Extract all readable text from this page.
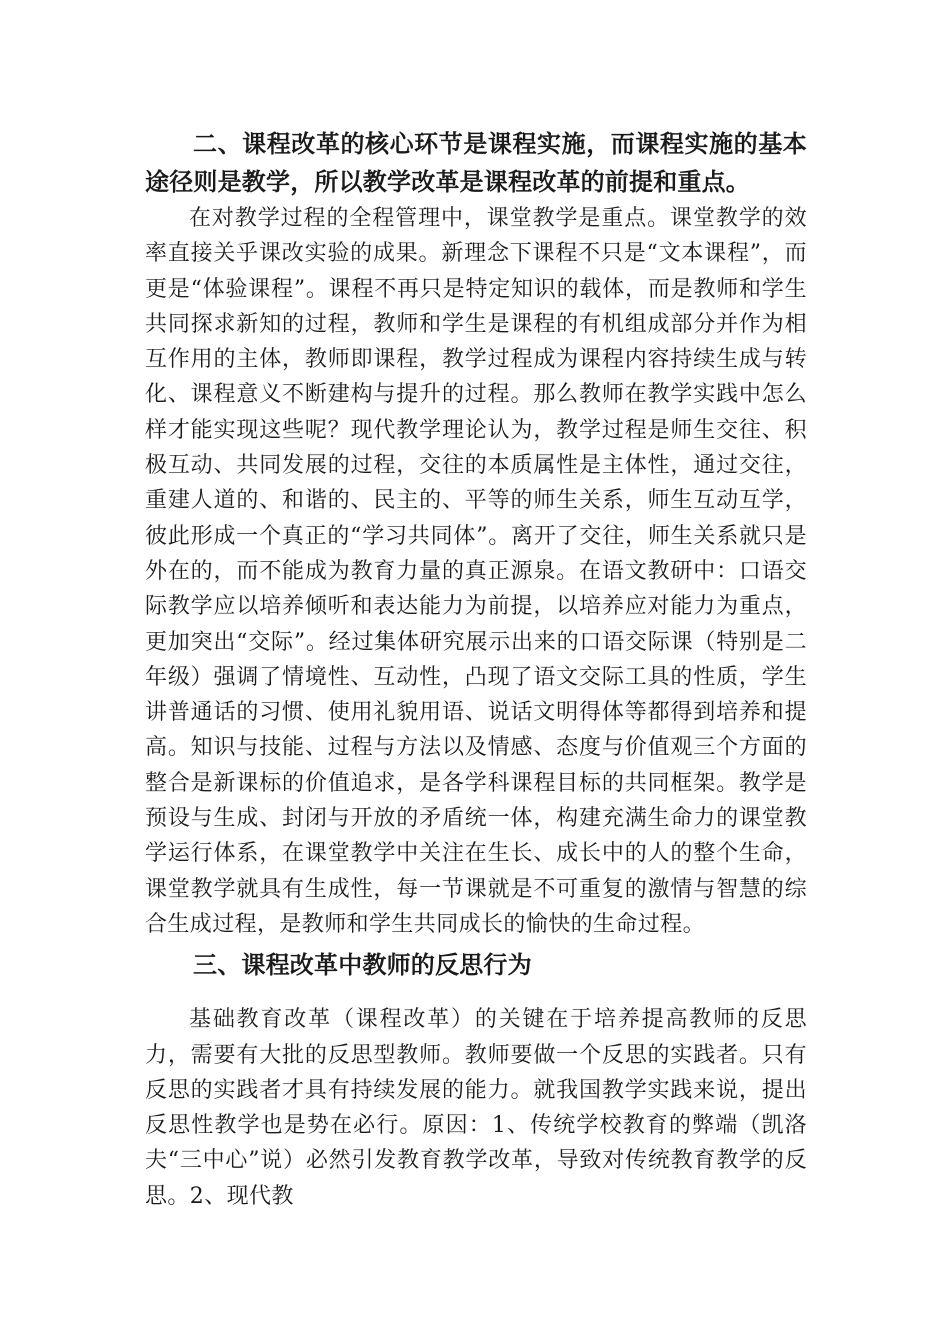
二、课程改革的核心环节是课程实施，而课程实施的基本途径则是教学，所以教学改革是课程改革的前提和重点。

在对教学过程的全程管理中，课堂教学是重点。课堂教学的效率直接关乎课改实验的成果。新理念下课程不只是“文本课程”，而更是“体验课程”。课程不再只是特定知识的载体，而是教师和学生共同探求新知的过程，教师和学生是课程的有机组成部分并作为相互作用的主体，教师即课程，教学过程成为课程内容持续生成与转化、课程意义不断建构与提升的过程。那么教师在教学实践中怎么样才能实现这些呢？现代教学理论认为，教学过程是师生交往、积极互动、共同发展的过程，交往的本质属性是主体性，通过交往，重建人道的、和谐的、民主的、平等的师生关系，师生互动互学，彼此形成一个真正的“学习共同体”。离开了交往，师生关系就只是外在的，而不能成为教育力量的真正源泉。在语文教研中：口语交际教学应以培养倾听和表达能力为前提，以培养应对能力为重点，更加突出“交际”。经过集体研究展示出来的口语交际课（特别是二年级）强调了情境性、互动性，凸现了语文交际工具的性质，学生讲普通话的习惯、使用礼貌用语、说话文明得体等都得到培养和提高。知识与技能、过程与方法以及情感、态度与价值观三个方面的整合是新课标的价值追求，是各学科课程目标的共同框架。教学是预设与生成、封闭与开放的矛盾统一体，构建充满生命力的课堂教学运行体系，在课堂教学中关注在生长、成长中的人的整个生命，课堂教学就具有生成性，每一节课就是不可重复的激情与智慧的综合生成过程，是教师和学生共同成长的愉快的生命过程。

三、课程改革中教师的反思行为

基础教育改革（课程改革）的关键在于培养提高教师的反思力，需要有大批的反思型教师。教师要做一个反思的实践者。只有反思的实践者才具有持续发展的能力。就我国教学实践来说，提出反思性教学也是势在必行。原因：1、传统学校教育的弊端（凯洛夫“三中心”说）必然引发教育教学改革，导致对传统教育教学的反思。2、现代教
